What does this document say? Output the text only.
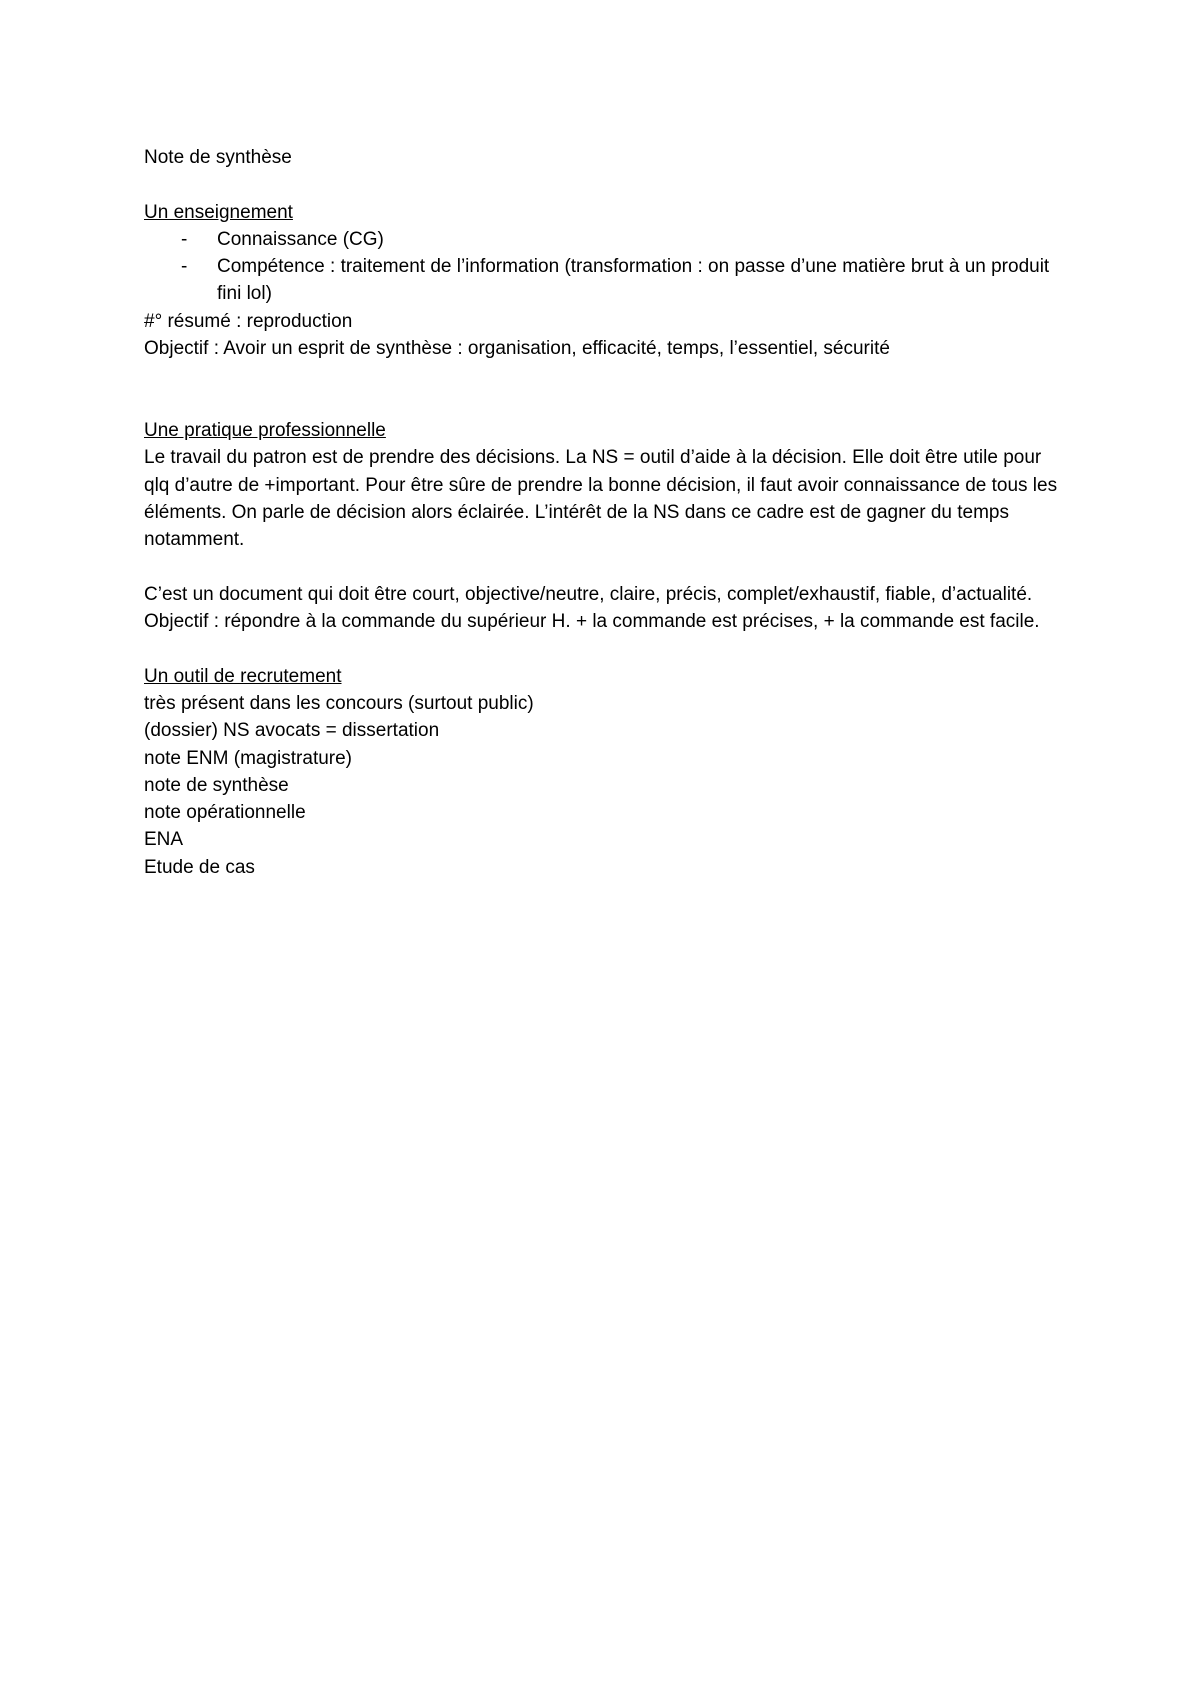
Note de synthèse

Un enseignement

- Connaissance (CG)
- Compétence : traitement de l’information (transformation : on passe d’une matière brut à un produit fini lol)

#° résumé : reproduction

Objectif : Avoir un esprit de synthèse : organisation, efficacité, temps, l’essentiel, sécurité

Une pratique professionnelle

Le travail du patron est de prendre des décisions. La NS = outil d’aide à la décision. Elle doit être utile pour qlq d’autre de +important. Pour être sûre de prendre la bonne décision, il faut avoir connaissance de tous les éléments. On parle de décision alors éclairée. L’intérêt de la NS dans ce cadre est de gagner du temps notamment.

C’est un document qui doit être court, objective/neutre, claire, précis, complet/exhaustif, fiable, d’actualité.

Objectif : répondre à la commande du supérieur H. + la commande est précises, + la commande est facile.

Un outil de recrutement

très présent dans les concours (surtout public)

(dossier) NS avocats = dissertation

note ENM (magistrature)

note de synthèse

note opérationnelle

ENA

Etude de cas
